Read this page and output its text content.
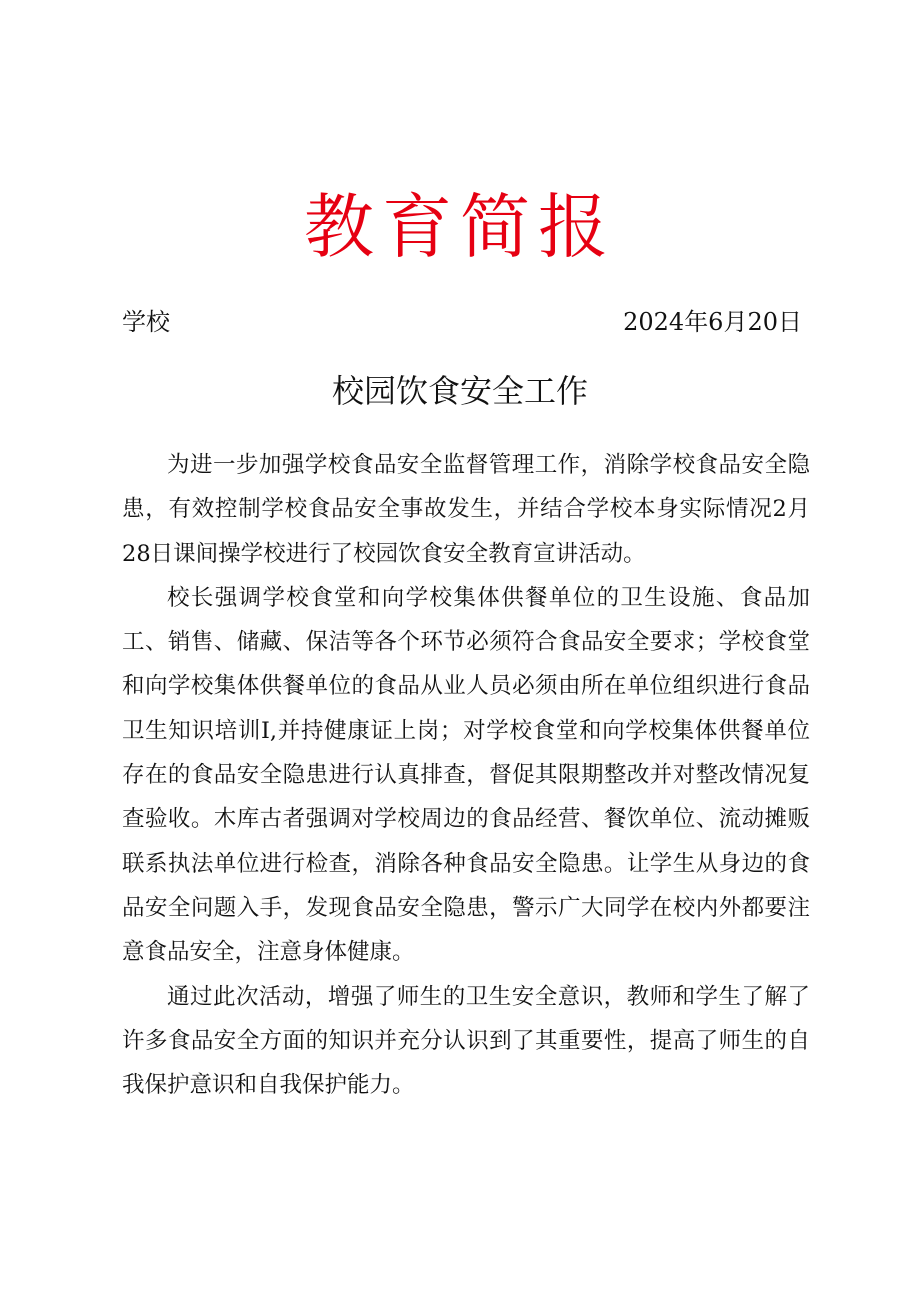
教育简报
学校	2024年6月20日
校园饮食安全工作

为进一步加强学校食品安全监督管理工作，消除学校食品安全隐患，有效控制学校食品安全事故发生，并结合学校本身实际情况2月28日课间操学校进行了校园饮食安全教育宣讲活动。

校长强调学校食堂和向学校集体供餐单位的卫生设施、食品加工、销售、储藏、保洁等各个环节必须符合食品安全要求；学校食堂和向学校集体供餐单位的食品从业人员必须由所在单位组织进行食品卫生知识培训I,并持健康证上岗；对学校食堂和向学校集体供餐单位存在的食品安全隐患进行认真排查，督促其限期整改并对整改情况复查验收。木库古者强调对学校周边的食品经营、餐饮单位、流动摊贩联系执法单位进行检查，消除各种食品安全隐患。让学生从身边的食品安全问题入手，发现食品安全隐患，警示广大同学在校内外都要注意食品安全，注意身体健康。

通过此次活动，增强了师生的卫生安全意识，教师和学生了解了许多食品安全方面的知识并充分认识到了其重要性，提高了师生的自我保护意识和自我保护能力。
